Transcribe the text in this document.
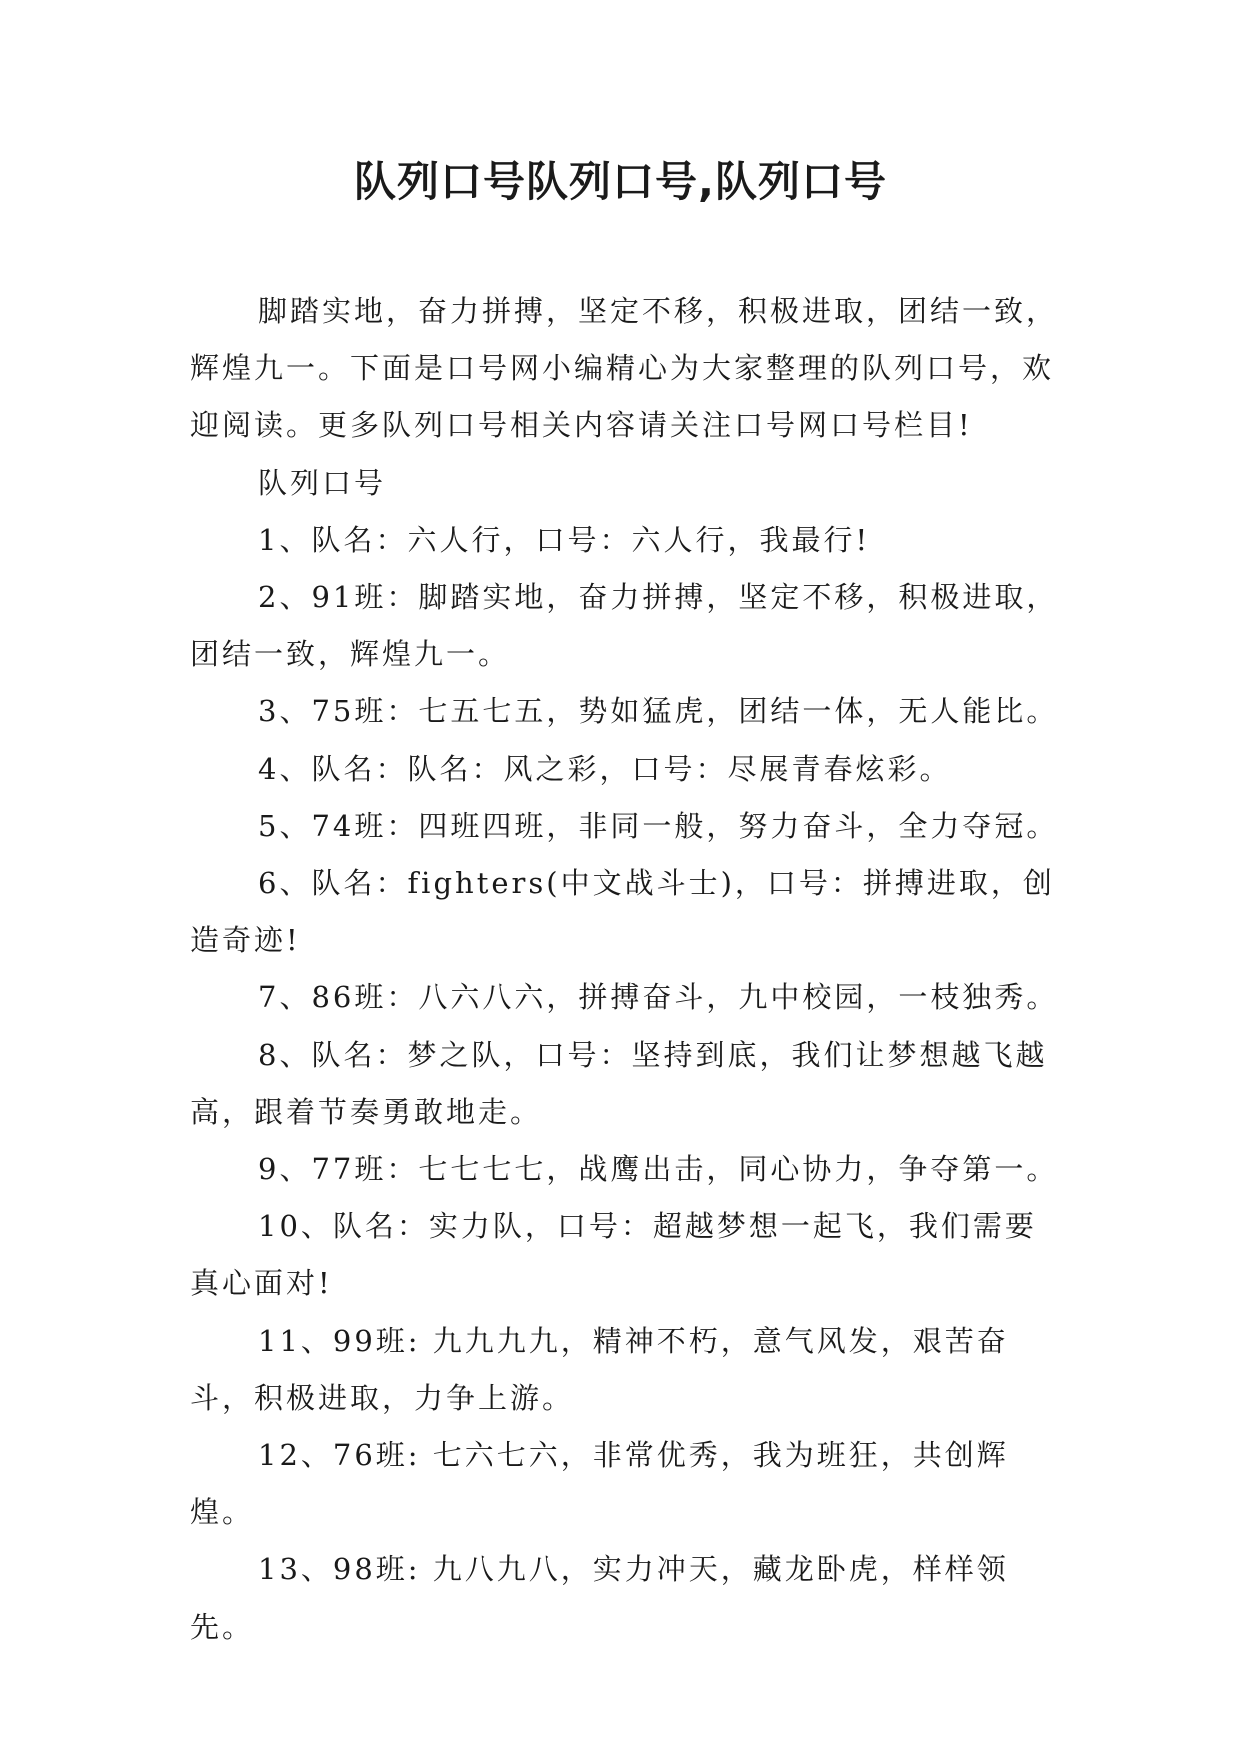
队列口号队列口号,队列口号

脚踏实地，奋力拼搏，坚定不移，积极进取，团结一致，辉煌九一。下面是口号网小编精心为大家整理的队列口号，欢迎阅读。更多队列口号相关内容请关注口号网口号栏目!

队列口号

1、队名：六人行，口号：六人行，我最行!

2、91班：脚踏实地，奋力拼搏，坚定不移，积极进取，团结一致，辉煌九一。

3、75班：七五七五，势如猛虎，团结一体，无人能比。

4、队名：队名：风之彩，口号：尽展青春炫彩。

5、74班：四班四班，非同一般，努力奋斗，全力夺冠。

6、队名：fighters(中文战斗士)，口号：拼搏进取，创造奇迹!

7、86班：八六八六，拼搏奋斗，九中校园，一枝独秀。

8、队名：梦之队，口号：坚持到底，我们让梦想越飞越高，跟着节奏勇敢地走。

9、77班：七七七七，战鹰出击，同心协力，争夺第一。

10、队名：实力队，口号：超越梦想一起飞，我们需要真心面对!

11、99班: 九九九九，精神不朽，意气风发，艰苦奋斗，积极进取，力争上游。

12、76班: 七六七六，非常优秀，我为班狂，共创辉煌。

13、98班: 九八九八，实力冲天，藏龙卧虎，样样领先。
